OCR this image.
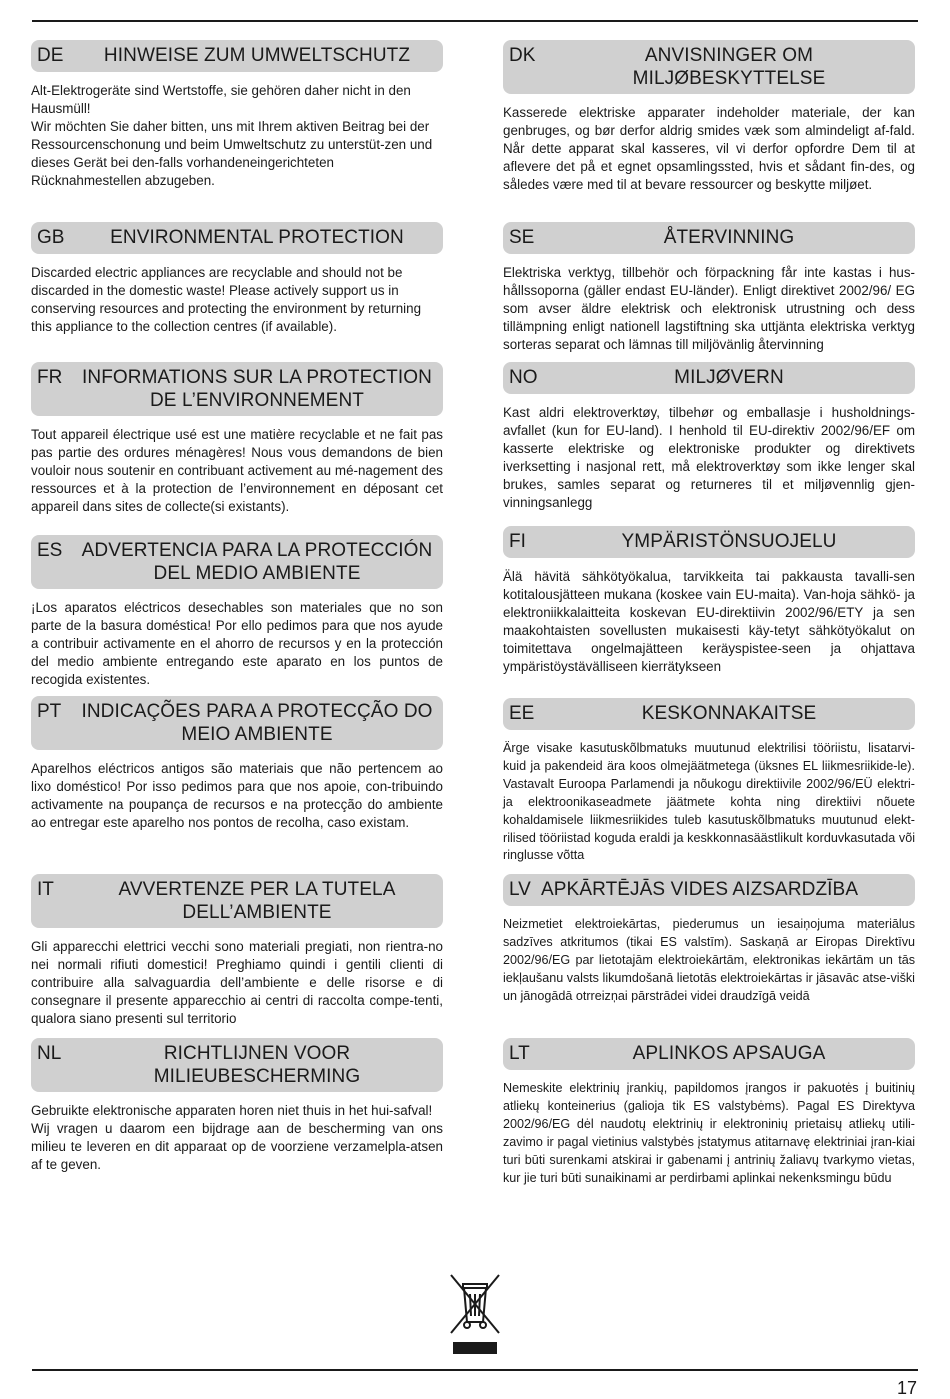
DE	HINWEISE ZUM UMWELTSCHUTZ

Alt-Elektrogeräte sind Wertstoffe, sie gehören daher nicht in den Hausmüll!
Wir möchten Sie daher bitten, uns mit Ihrem aktiven Beitrag bei der Ressourcenschonung und beim Umweltschutz zu unterstüt-zen und dieses Gerät bei den-falls vorhandeneingerichteten Rücknahmestellen abzugeben.

GB	ENVIRONMENTAL PROTECTION

Discarded electric appliances are recyclable and should not be discarded in the domestic waste! Please actively support us in conserving resources and protecting the environment by returning this appliance to the collection centres (if available).

FR	INFORMATIONS SUR LA PROTECTION DE L’ENVIRONNEMENT

Tout appareil électrique usé est une matière recyclable et ne fait pas pas partie des ordures ménagères! Nous vous demandons de bien vouloir nous soutenir en contribuant activement au mé-nagement des ressources et à la protection de l’environnement en déposant cet appareil dans sites de collecte(si existants).

ES	ADVERTENCIA PARA LA PROTECCIÓN DEL MEDIO AMBIENTE

¡Los aparatos eléctricos desechables son materiales que no son parte de la basura doméstica! Por ello pedimos para que nos ayude a contribuir activamente en el ahorro de recursos y en la protección del medio ambiente entregando este aparato en los puntos de recogida existentes.

PT	INDICAÇÕES PARA A PROTECÇÃO DO MEIO AMBIENTE

Aparelhos eléctricos antigos são materiais que não pertencem ao lixo doméstico! Por isso pedimos para que nos apoie, con-tribuindo activamente na poupança de recursos e na protecção do ambiente ao entregar este aparelho nos pontos de recolha, caso existam.

IT	AVVERTENZE PER LA TUTELA DELL’AMBIENTE

Gli apparecchi elettrici vecchi sono materiali pregiati, non rientra-no nei normali rifiuti domestici! Preghiamo quindi i gentili clienti di contribuire alla salvaguardia dell’ambiente e delle risorse e di consegnare il presente apparecchio ai centri di raccolta compe-tenti, qualora siano presenti sul territorio

NL	RICHTLIJNEN VOOR MILIEUBESCHERMING

Gebruikte elektronische apparaten horen niet thuis in het hui-safval!
Wij vragen u daarom een bijdrage aan de bescherming van ons milieu te leveren en dit apparaat op de voorziene verzamelpla-atsen af te geven.

DK	ANVISNINGER OM MILJØBESKYTTELSE

Kasserede elektriske apparater indeholder materiale, der kan genbruges, og bør derfor aldrig smides væk som almindeligt af-fald. Når dette apparat skal kasseres, vil vi derfor opfordre Dem til at aflevere det på et egnet opsamlingssted, hvis et sådant fin-des, og således være med til at bevare ressourcer og beskytte miljøet.

SE	ÅTERVINNING

Elektriska verktyg, tillbehör och förpackning får inte kastas i hus-hållssoporna (gäller endast EU-länder). Enligt direktivet 2002/96/ EG som avser äldre elektrisk och elektronisk utrustning och dess tillämpning enligt nationell lagstiftning ska uttjänta elektriska verktyg sorteras separat och lämnas till miljövänlig återvinning

NO	MILJØVERN

Kast aldri elektroverktøy, tilbehør og emballasje i husholdnings-avfallet (kun for EU-land). I henhold til EU-direktiv 2002/96/EF om kasserte elektriske og elektroniske produkter og direktivets iverksetting i nasjonal rett, må elektroverktøy som ikke lenger skal brukes, samles separat og returneres til et miljøvennlig gjen-vinningsanlegg

FI	YMPÄRISTÖNSUOJELU

Älä hävitä sähkötyökalua, tarvikkeita tai pakkausta tavalli-sen kotitalousjätteen mukana (koskee vain EU-maita). Van-hoja sähkö- ja elektroniikkalaitteita koskevan EU-direktiivin 2002/96/ETY ja sen maakohtaisten sovellusten mukaisesti käy-tetyt sähkötyökalut on toimitettava ongelmajätteen keräyspistee-seen ja ohjattava ympäristöystävälliseen kierrätykseen

EE	KESKONNAKAITSE

Ärge visake kasutuskõlbmatuks muutunud elektrilisi tööriistu, lisatarvi-kuid ja pakendeid ära koos olmejäätmetega (üksnes EL liikmesriikide-le). Vastavalt Euroopa Parlamendi ja nõukogu direktiivile 2002/96/EÜ elektri- ja elektroonikaseadmete jäätmete kohta ning direktiivi nõuete kohaldamisele liikmesriikides tuleb kasutuskõlbmatuks muutunud elekt-rilised tööriistad koguda eraldi ja keskkonnasäästlikult korduvkasutada või ringlusse võtta

LV APKĀRTĒJĀS VIDES AIZSARDZĪBA

Neizmetiet elektroiekārtas, piederumus un iesaiņojuma materiālus sadzīves atkritumos (tikai ES valstīm). Saskaņā ar Eiropas Direktīvu 2002/96/EG par lietotajām elektroiekārtām, elektronikas iekārtām un tās iekļaušanu valsts likumdošanā lietotās elektroiekārtas ir jāsavāc atse-viški un jānogādā otrreizņai pārstrādei videi draudzīgā veidā

LT	APLINKOS APSAUGA

Nemeskite elektrinių įrankių, papildomos įrangos ir pakuotės į buitinių atliekų konteinerius (galioja tik ES valstybėms). Pagal ES Direktyva 2002/96/EG dėl naudotų elektrinių ir elektroninių prietaisų atliekų utili-zavimo ir pagal vietinius valstybės įstatymus atitarnavę elektriniai įran-kiai turi būti surenkami atskirai ir gabenami į antrinių žaliavų tvarkymo vietas, kur jie turi būti sunaikinami ar perdirbami aplinkai nekenksmingu būdu

17
